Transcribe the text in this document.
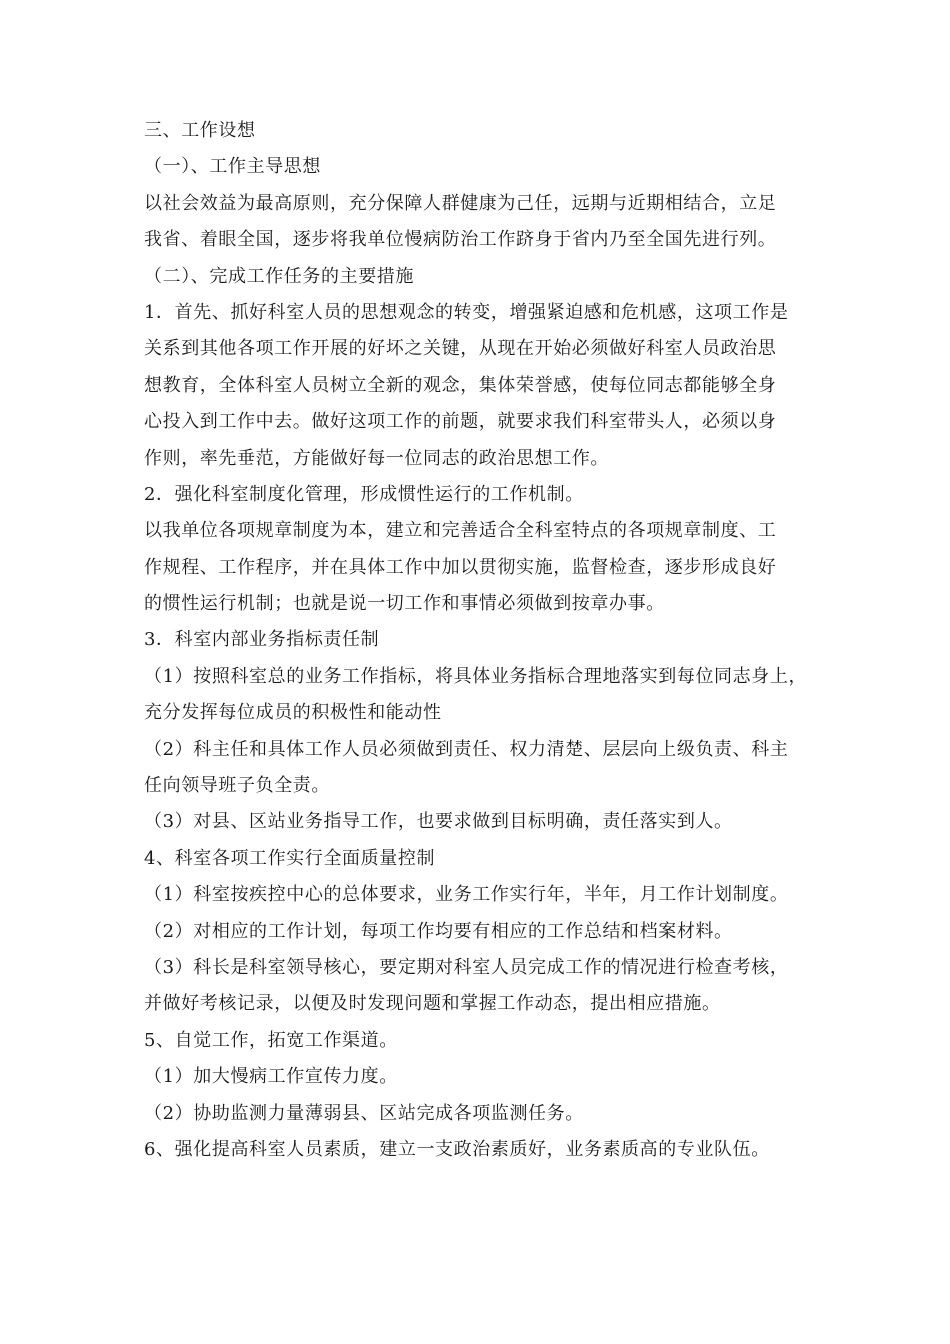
三、工作设想
（一）、工作主导思想
以社会效益为最高原则，充分保障人群健康为己任，远期与近期相结合，立足
我省、着眼全国，逐步将我单位慢病防治工作跻身于省内乃至全国先进行列。
（二）、完成工作任务的主要措施
1．首先、抓好科室人员的思想观念的转变，增强紧迫感和危机感，这项工作是
关系到其他各项工作开展的好坏之关键，从现在开始必须做好科室人员政治思
想教育，全体科室人员树立全新的观念，集体荣誉感，使每位同志都能够全身
心投入到工作中去。做好这项工作的前题，就要求我们科室带头人，必须以身
作则，率先垂范，方能做好每一位同志的政治思想工作。
2．强化科室制度化管理，形成惯性运行的工作机制。
以我单位各项规章制度为本，建立和完善适合全科室特点的各项规章制度、工
作规程、工作程序，并在具体工作中加以贯彻实施，监督检查，逐步形成良好
的惯性运行机制；也就是说一切工作和事情必须做到按章办事。
3．科室内部业务指标责任制
（1）按照科室总的业务工作指标，将具体业务指标合理地落实到每位同志身上，
充分发挥每位成员的积极性和能动性
（2）科主任和具体工作人员必须做到责任、权力清楚、层层向上级负责、科主
任向领导班子负全责。
（3）对县、区站业务指导工作，也要求做到目标明确，责任落实到人。
4、科室各项工作实行全面质量控制
（1）科室按疾控中心的总体要求，业务工作实行年，半年，月工作计划制度。
（2）对相应的工作计划，每项工作均要有相应的工作总结和档案材料。
（3）科长是科室领导核心，要定期对科室人员完成工作的情况进行检查考核，
并做好考核记录，以便及时发现问题和掌握工作动态，提出相应措施。
5、自觉工作，拓宽工作渠道。
（1）加大慢病工作宣传力度。
（2）协助监测力量薄弱县、区站完成各项监测任务。
6、强化提高科室人员素质，建立一支政治素质好，业务素质高的专业队伍。
